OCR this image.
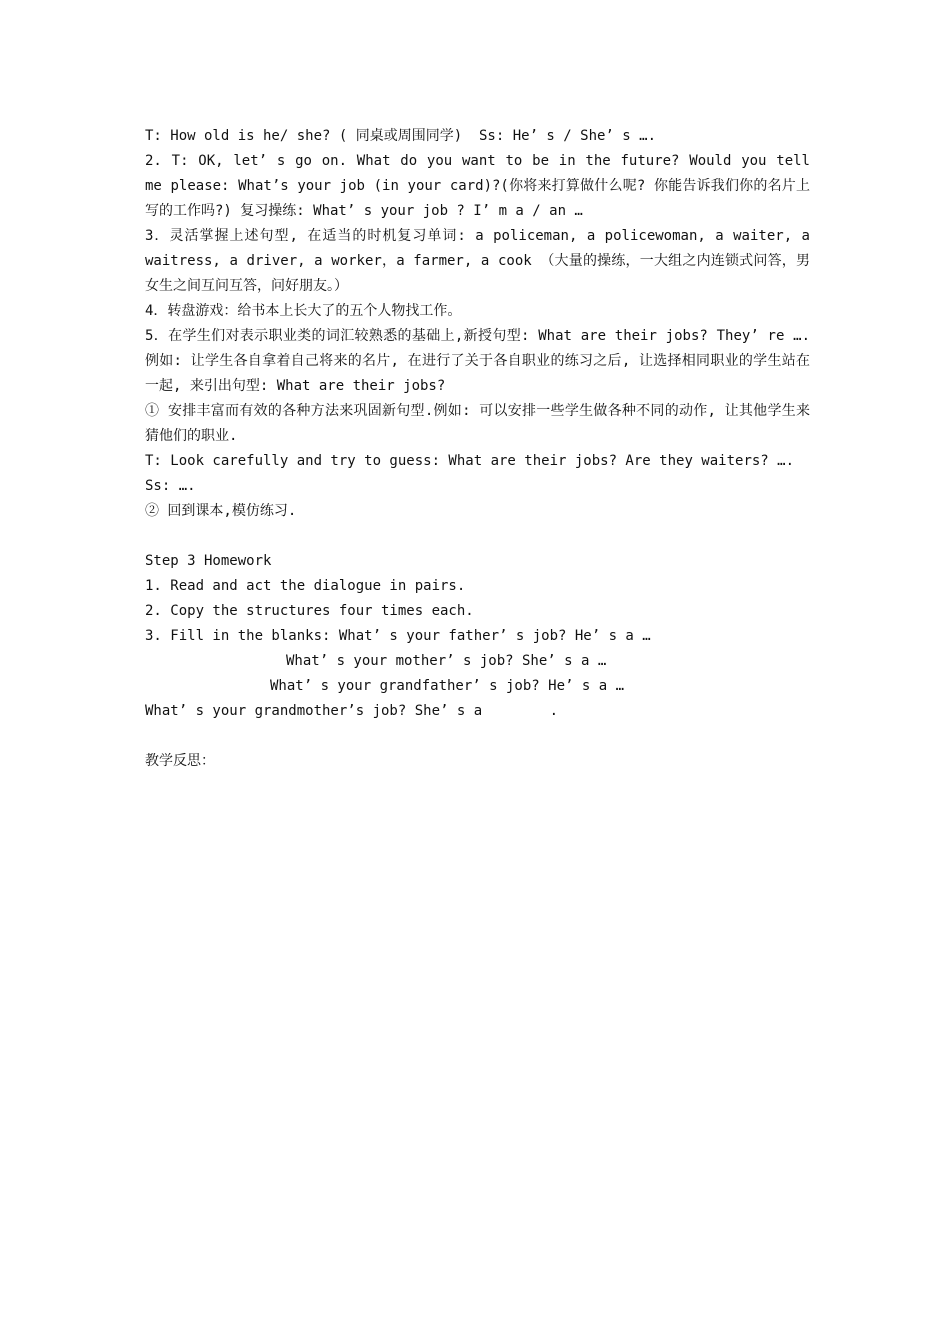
T: How old is he/ she? ( 同桌或周围同学)  Ss: He’ s / She’ s ….
2. T: OK, let’ s go on. What do you want to be in the future? Would you tell me please: What’s your job (in your card)?(你将来打算做什么呢? 你能告诉我们你的名片上写的工作吗?) 复习操练: What’ s your job ? I’ m a / an …
3．灵活掌握上述句型, 在适当的时机复习单词: a policeman, a policewoman, a waiter, a waitress, a driver, a worker，a farmer, a cook （大量的操练，一大组之内连锁式问答，男女生之间互问互答，问好朋友。）
4．转盘游戏：给书本上长大了的五个人物找工作。
5．在学生们对表示职业类的词汇较熟悉的基础上,新授句型: What are their jobs? They’ re ….例如: 让学生各自拿着自己将来的名片, 在进行了关于各自职业的练习之后, 让选择相同职业的学生站在一起, 来引出句型: What are their jobs?
① 安排丰富而有效的各种方法来巩固新句型.例如: 可以安排一些学生做各种不同的动作, 让其他学生来猜他们的职业.
T: Look carefully and try to guess: What are their jobs? Are they waiters? ….
Ss: ….
② 回到课本,模仿练习.
Step 3 Homework
1. Read and act the dialogue in pairs.
2. Copy the structures four times each.
3. Fill in the blanks: What’ s your father’ s job? He’ s a …
What’ s your mother’ s job? She’ s a …
What’ s your grandfather’ s job? He’ s a …
What’ s your grandmother’s job? She’ s a        .
教学反思：
